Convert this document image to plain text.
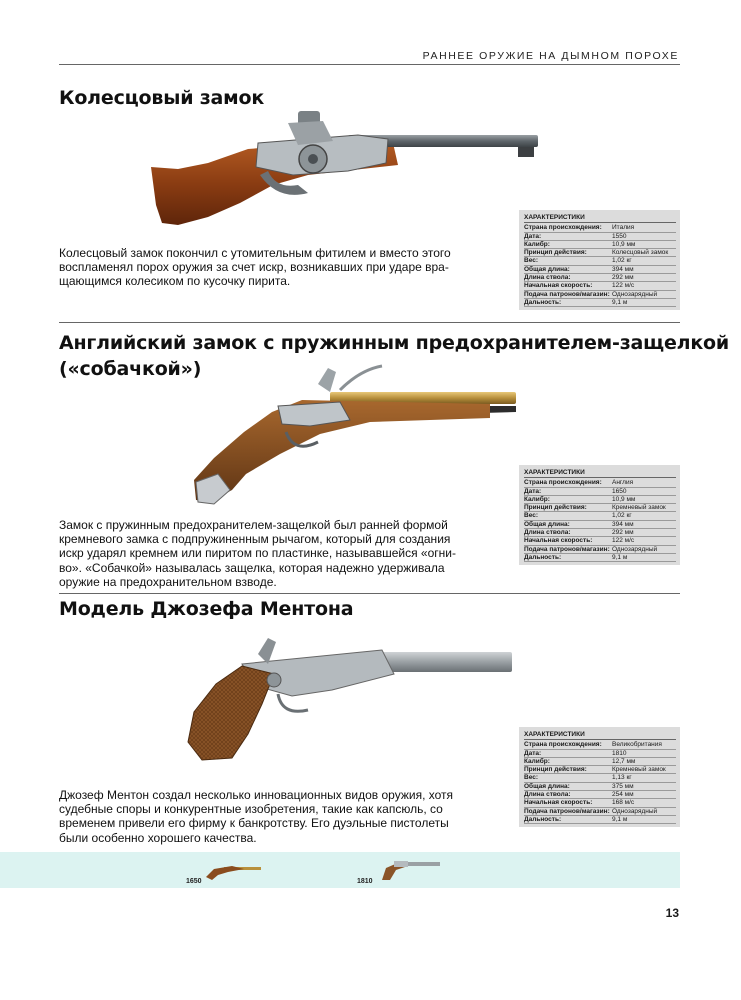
РАННЕЕ ОРУЖИЕ НА ДЫМНОМ ПОРОХЕ
Колесцовый замок
Колесцовый замок покончил с утомительным фитилем и вместо этого
воспламенял порох оружия за счет искр, возникавших при ударе вра-
щающимся колесиком по кусочку пирита.
ХАРАКТЕРИСТИКИ
Страна происхождения:	Италия
Дата:	1550
Калибр:	10,9 мм
Принцип действия:	Колесцовый замок
Вес:	1,02 кг
Общая длина:	394 мм
Длина ствола:	292 мм
Начальная скорость:	122 м/с
Подача патронов/магазин:	Однозарядный
Дальность:	9,1 м
Английский замок с пружинным предохранителем-защелкой
(«собачкой»)
Замок с пружинным предохранителем-защелкой был ранней формой
кремневого замка с подпружиненным рычагом, который для создания
искр ударял кремнем или пиритом по пластинке, называвшейся «огни-
во». «Собачкой» называлась защелка, которая надежно удерживала
оружие на предохранительном взводе.
ХАРАКТЕРИСТИКИ
Страна происхождения:	Англия
Дата:	1650
Калибр:	10,9 мм
Принцип действия:	Кремневый замок
Вес:	1,02 кг
Общая длина:	394 мм
Длина ствола:	292 мм
Начальная скорость:	122 м/с
Подача патронов/магазин:	Однозарядный
Дальность:	9,1 м
Модель Джозефа Ментона
Джозеф Ментон создал несколько инновационных видов оружия, хотя
судебные споры и конкурентные изобретения, такие как капсюль, со
временем привели его фирму к банкротству. Его дуэльные пистолеты
были особенно хорошего качества.
ХАРАКТЕРИСТИКИ
Страна происхождения:	Великобритания
Дата:	1810
Калибр:	12,7 мм
Принцип действия:	Кремневый замок
Вес:	1,13 кг
Общая длина:	375 мм
Длина ствола:	254 мм
Начальная скорость:	168 м/с
Подача патронов/магазин:	Однозарядный
Дальность:	9,1 м
1650	1810
13
